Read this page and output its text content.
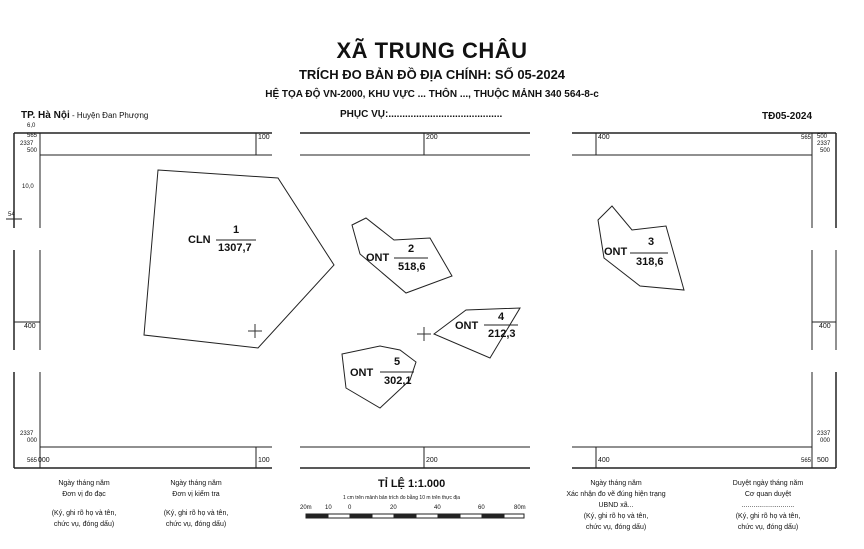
XÃ TRUNG CHÂU
TRÍCH ĐO BẢN ĐỒ ĐỊA CHÍNH: SỐ 05-2024
HỆ TỌA ĐỘ VN-2000, KHU VỰC ... THÔN ..., THUỘC MẢNH 340 564-8-c
PHỤC VỤ:.........................................
TP. Hà Nội - Huyện Đan Phượng	TĐ05-2024
6,0
565
2337
500
100	200	400	565 500
2337
500
10,0
54
400	400
2337
000
565 000	100	200	400	565 500
2337
000
CLN
1
1307,7
ONT
2
518,6
ONT
3
318,6
ONT
4
212,3
ONT
5
302,1
TỈ LỆ 1:1.000
1 cm trên mảnh bản trích đo bằng 10 m trên thực địa
20m 10	0	20	40	60	80m
Ngày tháng năm
Đơn vị đo đạc
(Ký, ghi rõ họ và tên,
chức vụ, đóng dấu)
Ngày tháng năm
Đơn vị kiểm tra
(Ký, ghi rõ họ và tên,
chức vụ, đóng dấu)
Ngày tháng năm
Xác nhận đo vẽ đúng hiện trạng
UBND xã...
(Ký, ghi rõ họ và tên,
chức vụ, đóng dấu)
Duyệt ngày tháng năm
Cơ quan duyệt
...........................
(Ký, ghi rõ họ và tên,
chức vụ, đóng dấu)
